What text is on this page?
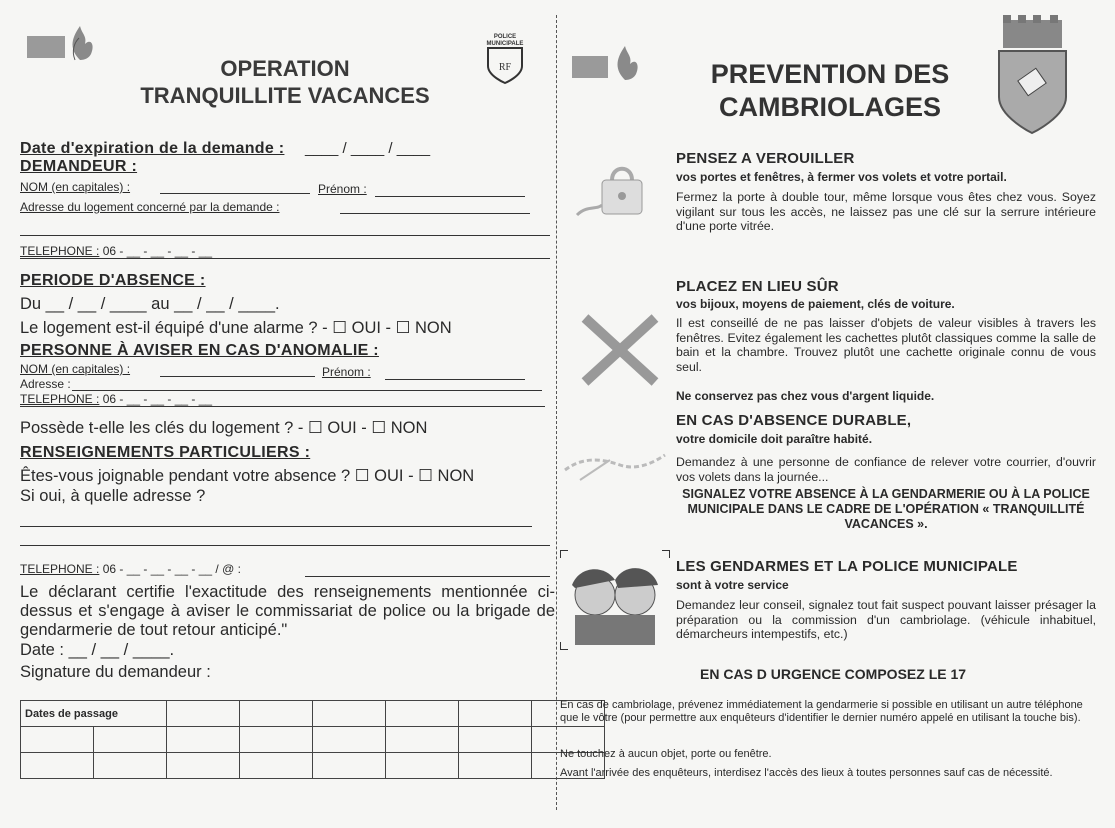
POLICE
MUNICIPALE
RF
OPERATION
TRANQUILLITE VACANCES
Date d'expiration de la demande : ____ / ____ / ____
DEMANDEUR :
NOM (en capitales) :	Prénom :
Adresse du logement concerné par la demande :
TELEPHONE : 06 - __ - __ - __ - __
PERIODE D'ABSENCE :
Du __ / __ / ____ au __ / __ / ____.
Le logement est-il équipé d'une alarme ? - ☐ OUI - ☐ NON
PERSONNE À AVISER EN CAS D'ANOMALIE :
NOM (en capitales) :	Prénom :
Adresse :
TELEPHONE : 06 - __ - __ - __ - __
Possède t-elle les clés du logement ? - ☐ OUI - ☐ NON
RENSEIGNEMENTS PARTICULIERS :
Êtes-vous joignable pendant votre absence ? ☐ OUI - ☐ NON
Si oui, à quelle adresse ?
TELEPHONE : 06 - __ - __ - __ - __ / @ :
Le déclarant certifie l'exactitude des renseignements mentionnée ci-dessus et s'engage à aviser le commissariat de police ou la brigade de gendarmerie de tout retour anticipé."
Date : __ / __ / ____.
Signature du demandeur :
Dates de passage							

PREVENTION DES
CAMBRIOLAGES
PENSEZ A VEROUILLER
vos portes et fenêtres, à fermer vos volets et votre portail.
Fermez la porte à double tour, même lorsque vous êtes chez vous. Soyez vigilant sur tous les accès, ne laissez pas une clé sur la serrure intérieure d'une porte vitrée.
PLACEZ EN LIEU SÛR
vos bijoux, moyens de paiement, clés de voiture.
Il est conseillé de ne pas laisser d'objets de valeur visibles à travers les fenêtres. Evitez également les cachettes plutôt classiques comme la salle de bain et la chambre. Trouvez plutôt une cachette originale connu de vous seul.
Ne conservez pas chez vous d'argent liquide.
EN CAS D'ABSENCE DURABLE,
votre domicile doit paraître habité.
Demandez à une personne de confiance de relever votre courrier, d'ouvrir vos volets dans la journée...
SIGNALEZ VOTRE ABSENCE À LA GENDARMERIE OU À LA POLICE MUNICIPALE DANS LE CADRE DE L'OPÉRATION « TRANQUILLITÉ VACANCES ».
LES GENDARMES ET LA POLICE MUNICIPALE
sont à votre service
Demandez leur conseil, signalez tout fait suspect pouvant laisser présager la préparation ou la commission d'un cambriolage. (véhicule inhabituel, démarcheurs intempestifs, etc.)
EN CAS D URGENCE COMPOSEZ LE 17
En cas de cambriolage, prévenez immédiatement la gendarmerie si possible en utilisant un autre téléphone que le vôtre (pour permettre aux enquêteurs d'identifier le dernier numéro appelé en utilisant la touche bis).
Ne touchez à aucun objet, porte ou fenêtre.
Avant l'arrivée des enquêteurs, interdisez l'accès des lieux à toutes personnes sauf cas de nécessité.
